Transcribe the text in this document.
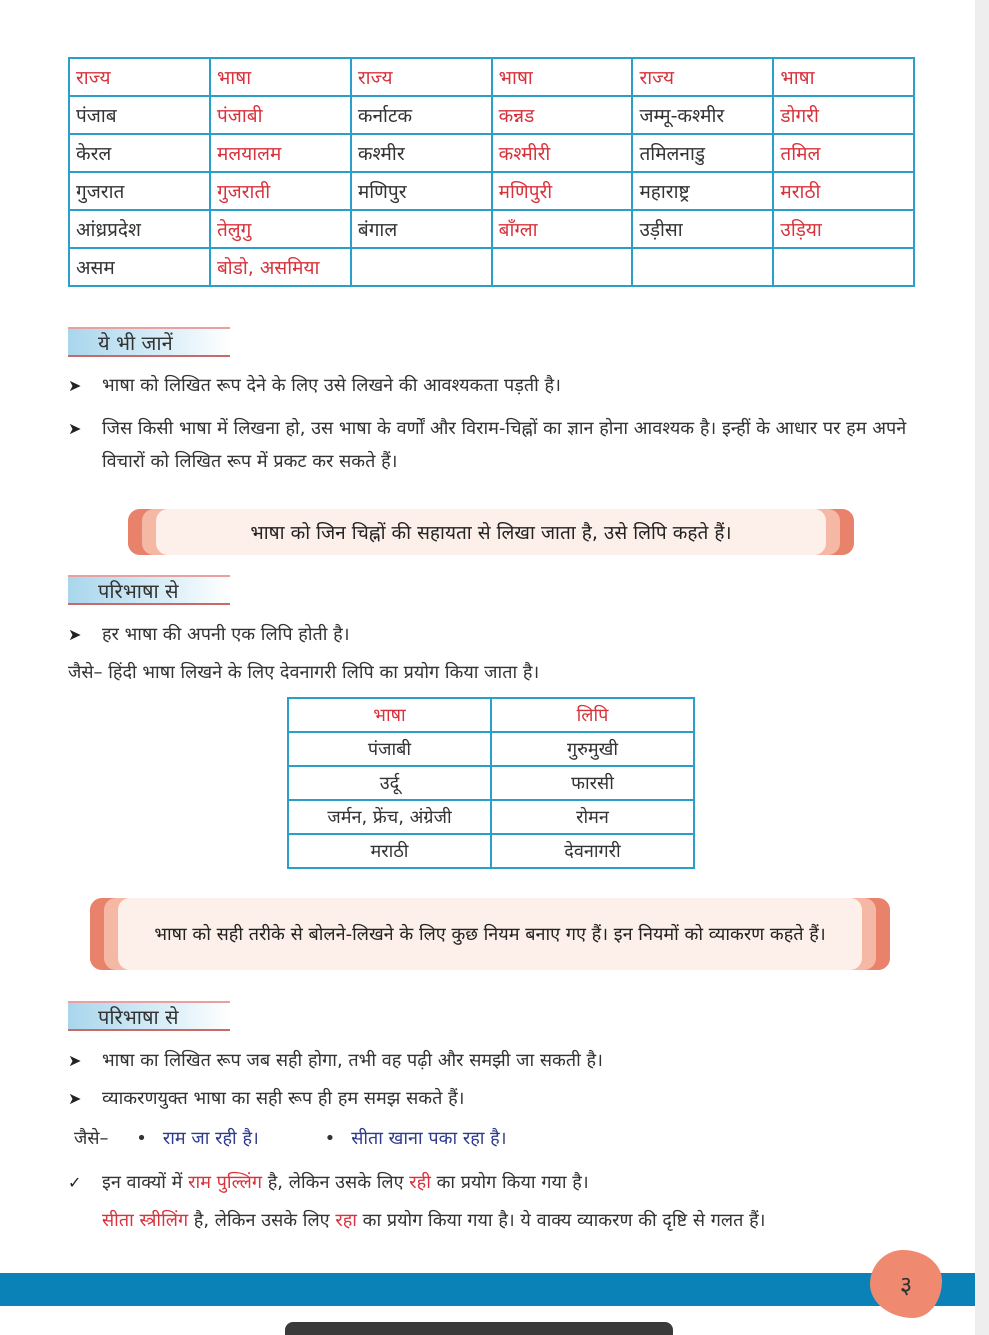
राज्य	भाषा	राज्य	भाषा	राज्य	भाषा
पंजाब	पंजाबी	कर्नाटक	कन्नड	जम्मू-कश्मीर	डोगरी
केरल	मलयालम	कश्मीर	कश्मीरी	तमिलनाडु	तमिल
गुजरात	गुजराती	मणिपुर	मणिपुरी	महाराष्ट्र	मराठी
आंध्रप्रदेश	तेलुगु	बंगाल	बाँग्ला	उड़ीसा	उड़िया
असम	बोडो, असमिया				
ये भी जानें
➤ भाषा को लिखित रूप देने के लिए उसे लिखने की आवश्यकता पड़ती है।
➤ जिस किसी भाषा में लिखना हो, उस भाषा के वर्णों और विराम-चिह्नों का ज्ञान होना आवश्यक है। इन्हीं के आधार पर हम अपने विचारों को लिखित रूप में प्रकट कर सकते हैं।
भाषा को जिन चिह्नों की सहायता से लिखा जाता है, उसे लिपि कहते हैं।
परिभाषा से
➤ हर भाषा की अपनी एक लिपि होती है।
जैसे– हिंदी भाषा लिखने के लिए देवनागरी लिपि का प्रयोग किया जाता है।
भाषा	लिपि
पंजाबी	गुरुमुखी
उर्दू	फारसी
जर्मन, फ्रेंच, अंग्रेजी	रोमन
मराठी	देवनागरी
भाषा को सही तरीके से बोलने-लिखने के लिए कुछ नियम बनाए गए हैं। इन नियमों को व्याकरण कहते हैं।
परिभाषा से
➤ भाषा का लिखित रूप जब सही होगा, तभी वह पढ़ी और समझी जा सकती है।
➤ व्याकरणयुक्त भाषा का सही रूप ही हम समझ सकते हैं।
जैसे– • राम जा रही है।	• सीता खाना पका रहा है।
✓ इन वाक्यों में राम पुल्लिंग है, लेकिन उसके लिए रही का प्रयोग किया गया है।
सीता स्त्रीलिंग है, लेकिन उसके लिए रहा का प्रयोग किया गया है। ये वाक्य व्याकरण की दृष्टि से गलत हैं।
३
